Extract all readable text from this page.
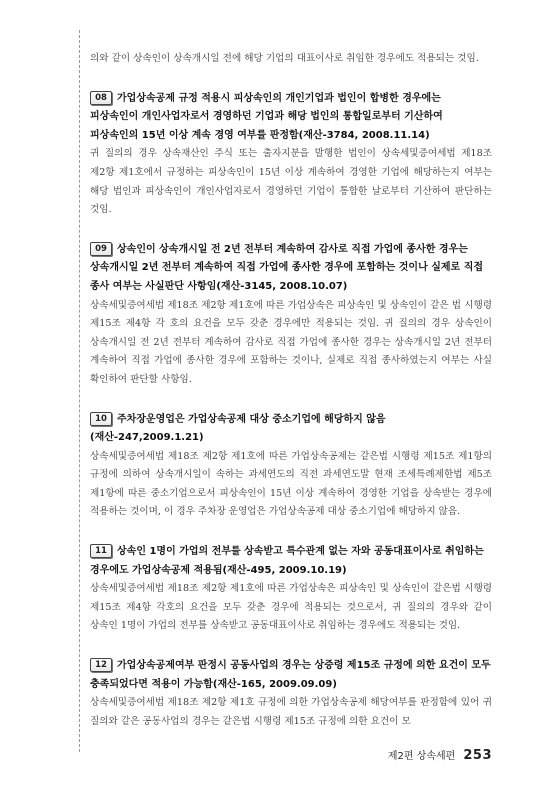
의와 같이 상속인이 상속개시일 전에 해당 기업의 대표이사로 취임한 경우에도 적용되는 것임.

08 가업상속공제 규정 적용시 피상속인의 개인기업과 법인이 합병한 경우에는 피상속인이 개인사업자로서 경영하던 기업과 해당 법인의 통합일로부터 기산하여 피상속인의 15년 이상 계속 경영 여부를 판정함(재산-3784, 2008.11.14)

귀 질의의 경우 상속재산인 주식 또는 출자지분을 발행한 법인이 상속세및증여세법 제18조 제2항 제1호에서 규정하는 피상속인이 15년 이상 계속하여 경영한 기업에 해당하는지 여부는 해당 법인과 피상속인이 개인사업자로서 경영하던 기업이 통합한 날로부터 기산하여 판단하는 것임.

09 상속인이 상속개시일 전 2년 전부터 계속하여 감사로 직접 가업에 종사한 경우는 상속개시일 2년 전부터 계속하여 직접 가업에 종사한 경우에 포함하는 것이나 실제로 직접 종사 여부는 사실판단 사항임(재산-3145, 2008.10.07)

상속세및증여세법 제18조 제2항 제1호에 따른 가업상속은 피상속인 및 상속인이 같은 법 시행령 제15조 제4항 각 호의 요건을 모두 갖춘 경우에만 적용되는 것임. 귀 질의의 경우 상속인이 상속개시일 전 2년 전부터 계속하여 감사로 직접 가업에 종사한 경우는 상속개시일 2년 전부터 계속하여 직접 가업에 종사한 경우에 포함하는 것이나, 실제로 직접 종사하였는지 여부는 사실 확인하여 판단할 사항임.

10 주차장운영업은 가업상속공제 대상 중소기업에 해당하지 않음(재산-247,2009.1.21)

상속세및증여세법 제18조 제2항 제1호에 따른 가업상속공제는 같은법 시행령 제15조 제1항의 규정에 의하여 상속개시일이 속하는 과세연도의 직전 과세연도말 현재 조세특례제한법 제5조 제1항에 따른 중소기업으로서 피상속인이 15년 이상 계속하여 경영한 기업을 상속받는 경우에 적용하는 것이며, 이 경우 주차장 운영업은 가업상속공제 대상 중소기업에 해당하지 않음.

11 상속인 1명이 가업의 전부를 상속받고 특수관계 없는 자와 공동대표이사로 취임하는 경우에도 가업상속공제 적용됨(재산-495, 2009.10.19)

상속세및증여세법 제18조 제2항 제1호에 따른 가업상속은 피상속인 및 상속인이 같은법 시행령 제15조 제4항 각호의 요건을 모두 갖춘 경우에 적용되는 것으로서, 귀 질의의 경우와 같이 상속인 1명이 가업의 전부를 상속받고 공동대표이사로 취임하는 경우에도 적용되는 것임.

12 가업상속공제여부 판정시 공동사업의 경우는 상증령 제15조 규정에 의한 요건이 모두 충족되었다면 적용이 가능함(재산-165, 2009.09.09)

상속세및증여세법 제18조 제2항 제1호 규정에 의한 가업상속공제 해당여부를 판정함에 있어 귀 질의와 같은 공동사업의 경우는 같은법 시행령 제15조 규정에 의한 요건이 모

제2편 상속세편 253
